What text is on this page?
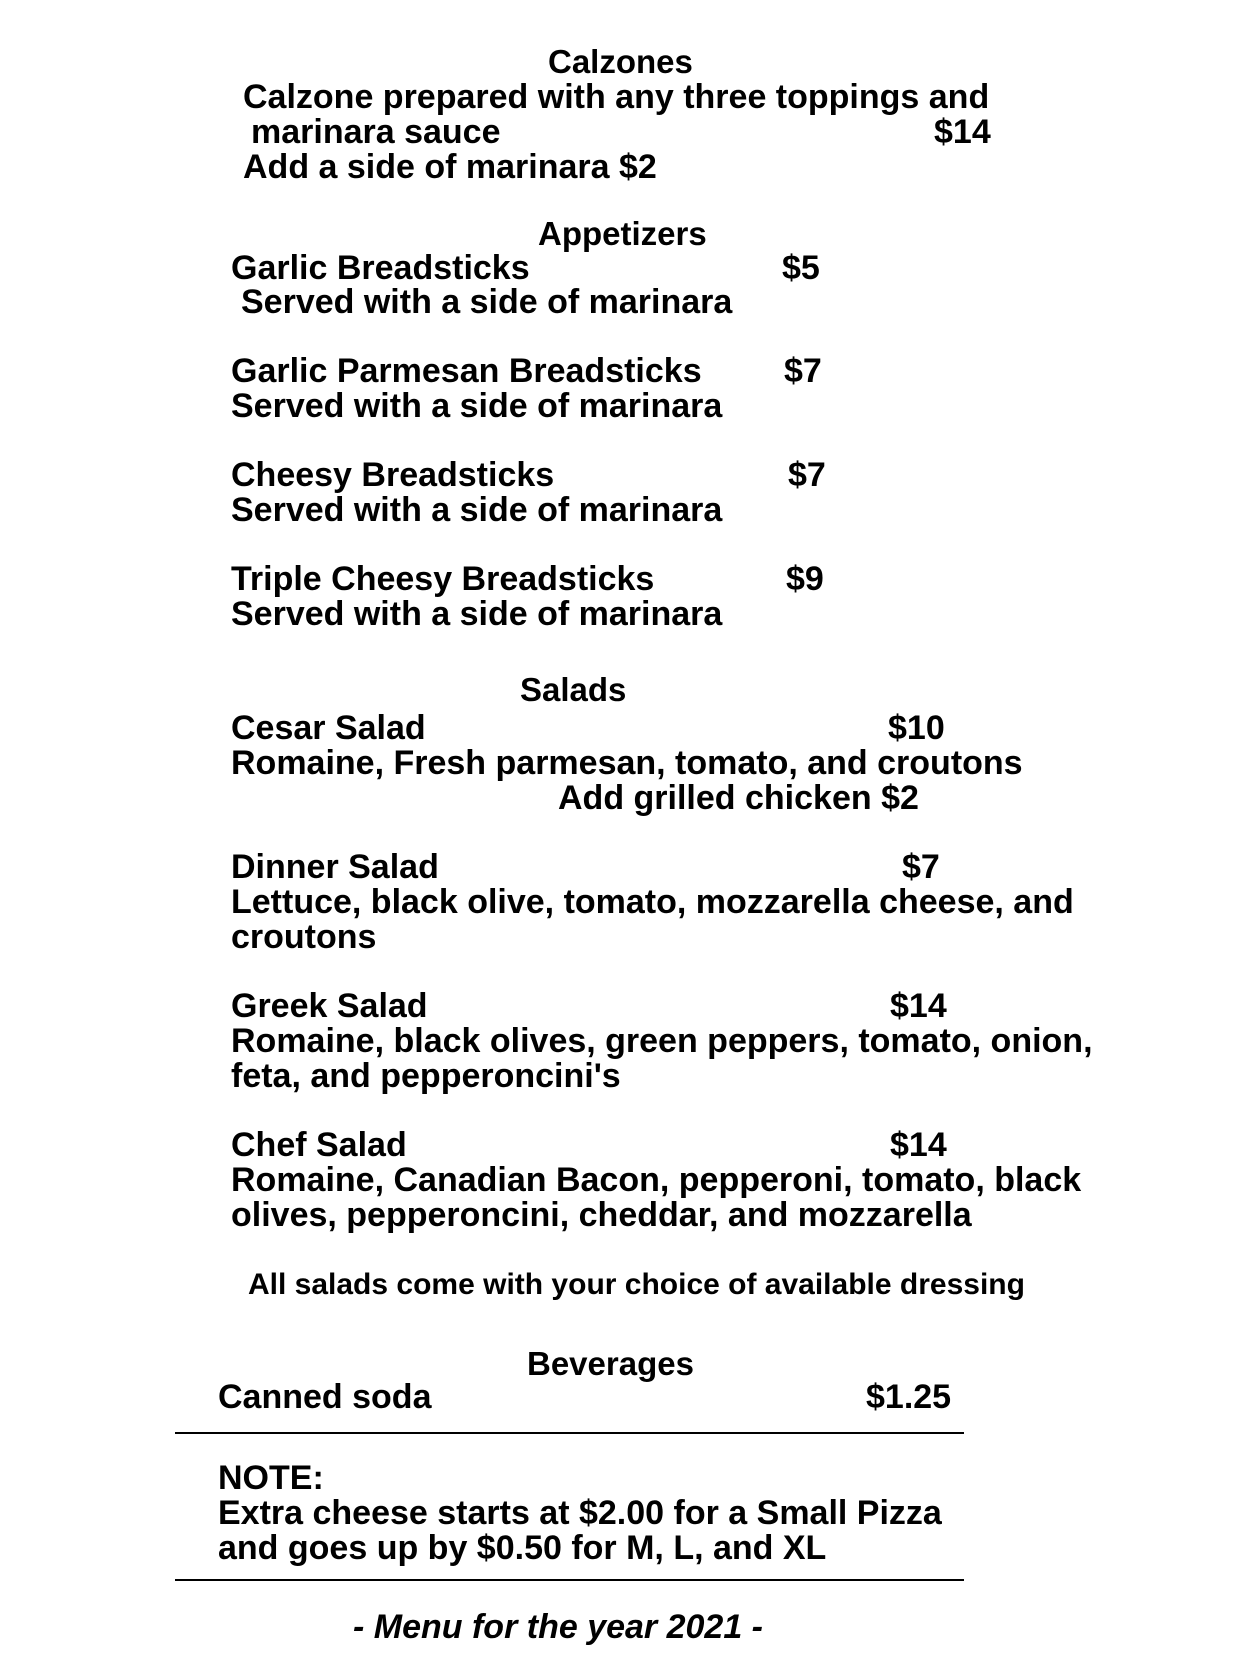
Calzones
Calzone prepared with any three toppings and
marinara sauce	$14
Add a side of marinara $2
Appetizers
Garlic Breadsticks	$5
Served with a side of marinara
Garlic Parmesan Breadsticks $7
Served with a side of marinara
Cheesy Breadsticks	$7
Served with a side of marinara
Triple Cheesy Breadsticks	$9
Served with a side of marinara
Salads
Cesar Salad	$10
Romaine, Fresh parmesan, tomato, and croutons
Add grilled chicken $2
Dinner Salad	$7
Lettuce, black olive, tomato, mozzarella cheese, and
croutons
Greek Salad	$14
Romaine, black olives, green peppers, tomato, onion,
feta, and pepperoncini's
Chef Salad	$14
Romaine, Canadian Bacon, pepperoni, tomato, black
olives, pepperoncini, cheddar, and mozzarella
All salads come with your choice of available dressing
Beverages
Canned soda	$1.25
NOTE:
Extra cheese starts at $2.00 for a Small Pizza
and goes up by $0.50 for M, L, and XL
- Menu for the year 2021 -
